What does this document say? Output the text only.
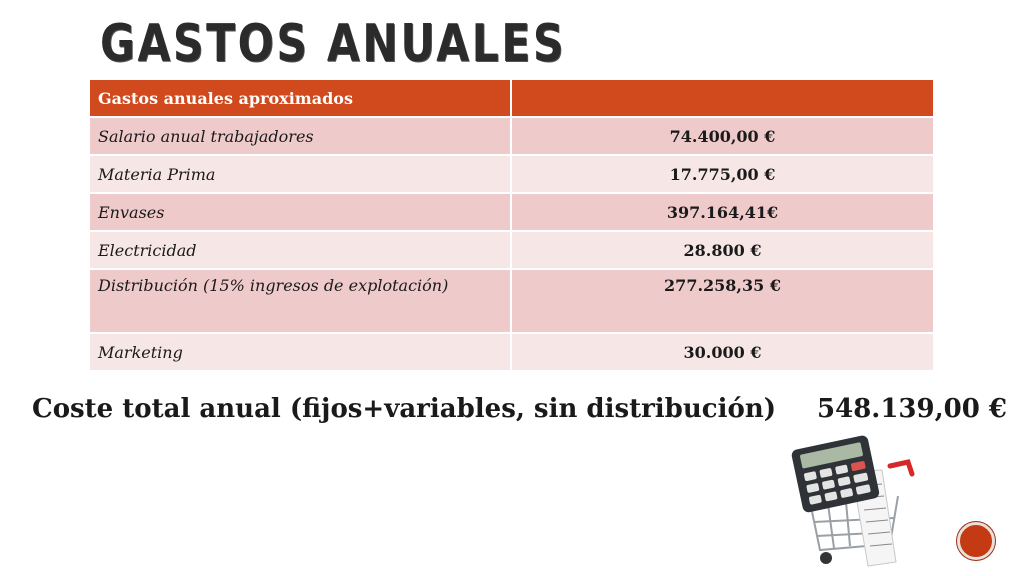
GASTOS ANUALES
Gastos anuales aproximados	
Salario anual trabajadores	74.400,00 €
Materia Prima	17.775,00 €
Envases	397.164,41€
Electricidad	28.800 €
Distribución (15% ingresos de explotación)	277.258,35 €
Marketing	30.000 €
Coste total anual (fijos+variables, sin distribución) 548.139,00 €
